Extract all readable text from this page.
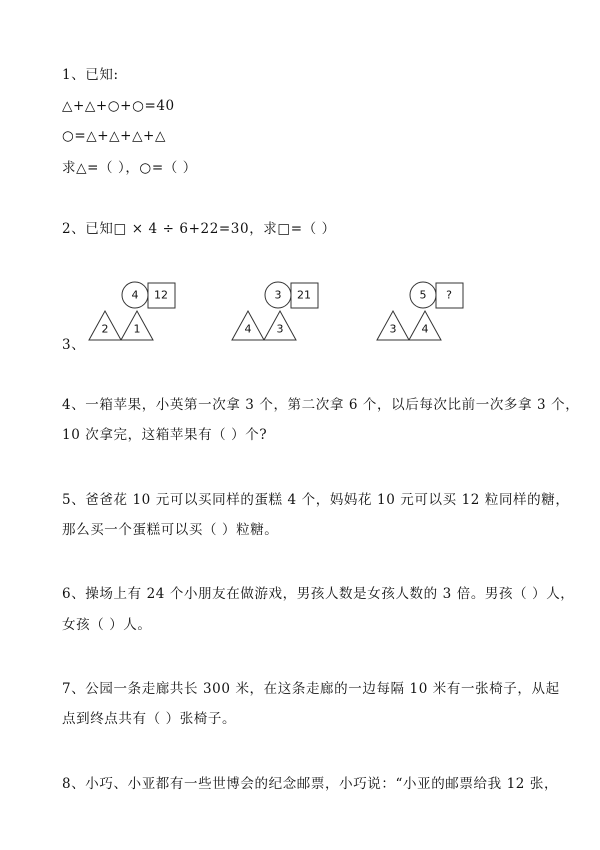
1、已知:
△+△+○+○=40
○=△+△+△+△
求△=（ ），○=（ ）
2、已知□ × 4 ÷ 6+22=30，求□=（ ）
4 12
2 1
3 21
4 3
5 ?
3 4
3、
4、一箱苹果，小英第一次拿 3 个，第二次拿 6 个，以后每次比前一次多拿 3 个，
10 次拿完，这箱苹果有（ ）个?
5、爸爸花 10 元可以买同样的蛋糕 4 个，妈妈花 10 元可以买 12 粒同样的糖，
那么买一个蛋糕可以买（ ）粒糖。
6、操场上有 24 个小朋友在做游戏，男孩人数是女孩人数的 3 倍。男孩（ ）人，
女孩（ ）人。
7、公园一条走廊共长 300 米，在这条走廊的一边每隔 10 米有一张椅子，从起
点到终点共有（ ）张椅子。
8、小巧、小亚都有一些世博会的纪念邮票，小巧说：“小亚的邮票给我 12 张，
